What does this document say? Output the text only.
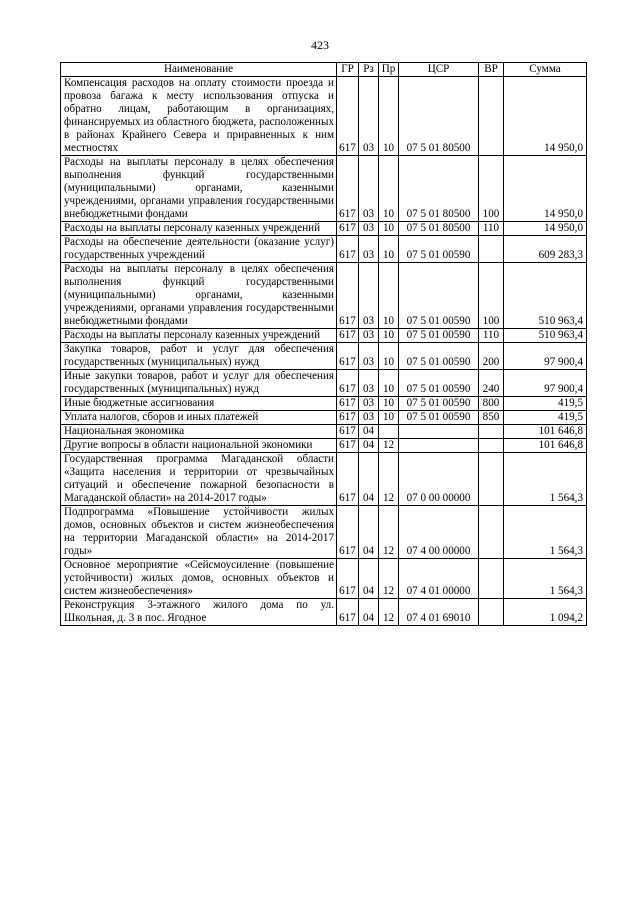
423
Наименование	ГР	Рз	Пр	ЦСР	ВР	Сумма
Компенсация расходов на оплату стоимости проезда и провоза багажа к месту использования отпуска и обратно лицам, работающим в организациях, финансируемых из областного бюджета, расположенных в районах Крайнего Севера и приравненных к ним местностях	617	03	10	07 5 01 80500		14 950,0
Расходы на выплаты персоналу в целях обеспечения выполнения функций государственными (муниципальными) органами, казенными учреждениями, органами управления государственными внебюджетными фондами	617	03	10	07 5 01 80500	100	14 950,0
Расходы на выплаты персоналу казенных учреждений	617	03	10	07 5 01 80500	110	14 950,0
Расходы на обеспечение деятельности (оказание услуг) государственных учреждений	617	03	10	07 5 01 00590		609 283,3
Расходы на выплаты персоналу в целях обеспечения выполнения функций государственными (муниципальными) органами, казенными учреждениями, органами управления государственными внебюджетными фондами	617	03	10	07 5 01 00590	100	510 963,4
Расходы на выплаты персоналу казенных учреждений	617	03	10	07 5 01 00590	110	510 963,4
Закупка товаров, работ и услуг для обеспечения государственных (муниципальных) нужд	617	03	10	07 5 01 00590	200	97 900,4
Иные закупки товаров, работ и услуг для обеспечения государственных (муниципальных) нужд	617	03	10	07 5 01 00590	240	97 900,4
Иные бюджетные ассигнования	617	03	10	07 5 01 00590	800	419,5
Уплата налогов, сборов и иных платежей	617	03	10	07 5 01 00590	850	419,5
Национальная экономика	617	04				101 646,8
Другие вопросы в области национальной экономики	617	04	12			101 646,8
Государственная программа Магаданской области «Защита населения и территории от чрезвычайных ситуаций и обеспечение пожарной безопасности в Магаданской области» на 2014-2017 годы»	617	04	12	07 0 00 00000		1 564,3
Подпрограмма «Повышение устойчивости жилых домов, основных объектов и систем жизнеобеспечения на территории Магаданской области» на 2014-2017 годы»	617	04	12	07 4 00 00000		1 564,3
Основное мероприятие «Сейсмоусиление (повышение устойчивости) жилых домов, основных объектов и систем жизнеобеспечения»	617	04	12	07 4 01 00000		1 564,3
Реконструкция 3-этажного жилого дома по ул. Школьная, д. 3 в пос. Ягодное	617	04	12	07 4 01 69010		1 094,2
